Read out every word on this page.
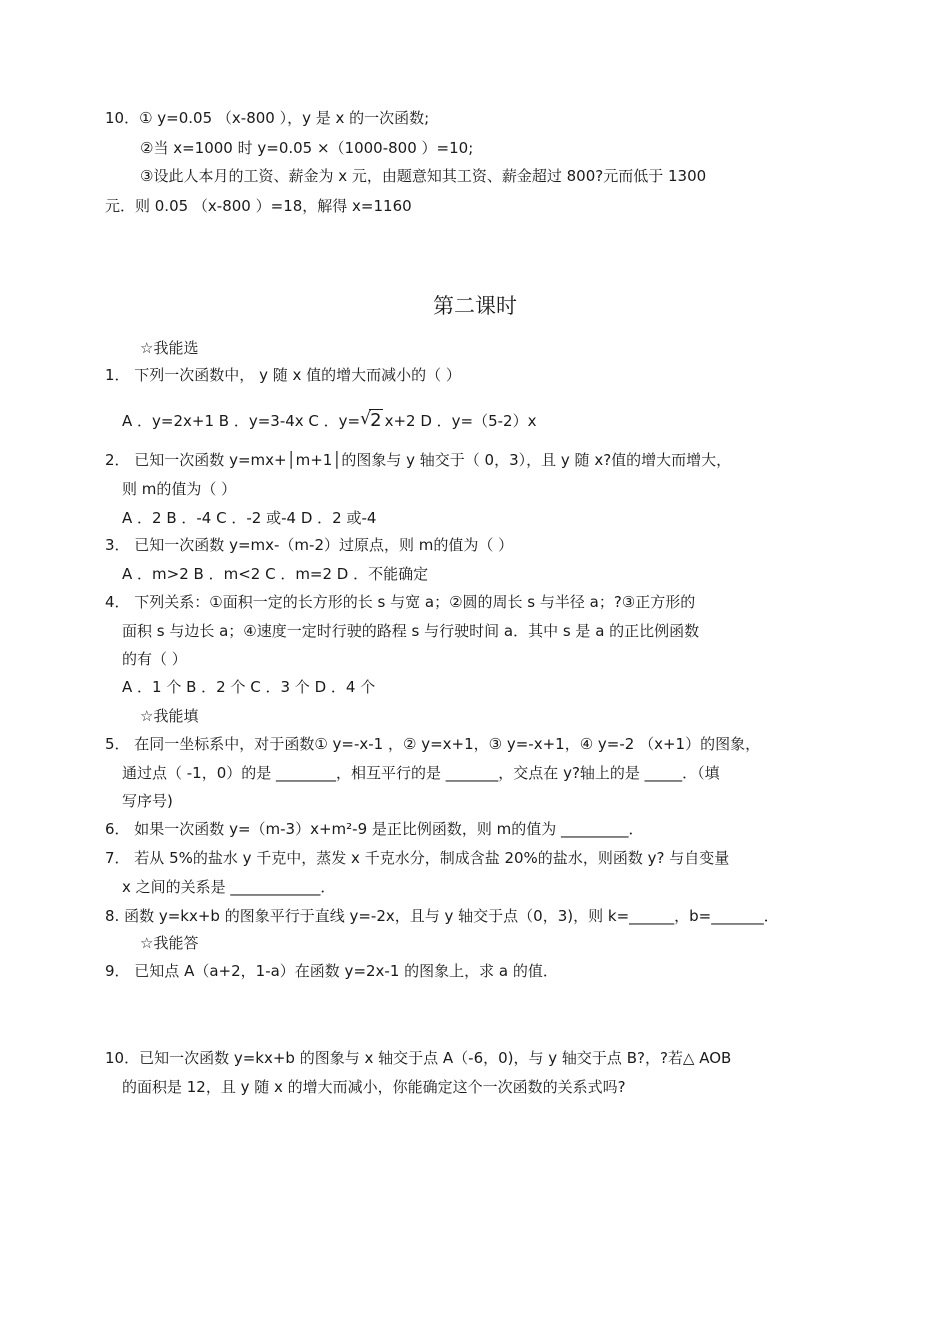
10．① y=0.05 （x-800 ），y 是 x 的一次函数;
②当 x=1000 时 y=0.05 ×（1000-800 ）=10;
③设此人本月的工资、薪金为 x 元，由题意知其工资、薪金超过 800?元而低于 1300
元．则 0.05 （x-800 ）=18，解得 x=1160
第二课时
☆我能选
1． 下列一次函数中， y 随 x 值的增大而减小的（ ）
A ．y=2x+1 B ．y=3-4x C ．y= √ 2 x+2 D ．y=（5-2）x
2． 已知一次函数 y=mx+│m+1│的图象与 y 轴交于（ 0，3），且 y 随 x?值的增大而增大，
则 m的值为（ ）
A ．2 B ．-4 C ．-2 或-4 D ．2 或-4
3． 已知一次函数 y=mx-（m-2）过原点，则 m的值为（ ）
A ．m>2 B ．m<2 C ．m=2 D ．不能确定
4． 下列关系：①面积一定的长方形的长 s 与宽 a；②圆的周长 s 与半径 a；?③正方形的
面积 s 与边长 a；④速度一定时行驶的路程 s 与行驶时间 a．其中 s 是 a 的正比例函数
的有（ ）
A ．1 个 B ．2 个 C ．3 个 D ．4 个
☆我能填
5． 在同一坐标系中，对于函数① y=-x-1 ，② y=x+1，③ y=-x+1，④ y=-2 （x+1）的图象，
通过点（ -1，0）的是 ________，相互平行的是 _______，交点在 y?轴上的是 _____．（填
写序号)
6． 如果一次函数 y=（m-3）x+m²-9 是正比例函数，则 m的值为 _________．
7． 若从 5%的盐水 y 千克中，蒸发 x 千克水分，制成含盐 20%的盐水，则函数 y? 与自变量
x 之间的关系是 ____________．
8. 函数 y=kx+b 的图象平行于直线 y=-2x，且与 y 轴交于点（0，3)，则 k=______，b=_______．
☆我能答
9． 已知点 A（a+2，1-a）在函数 y=2x-1 的图象上，求 a 的值．
10．已知一次函数 y=kx+b 的图象与 x 轴交于点 A（-6，0)，与 y 轴交于点 B?，?若△ AOB
的面积是 12，且 y 随 x 的增大而减小，你能确定这个一次函数的关系式吗?
